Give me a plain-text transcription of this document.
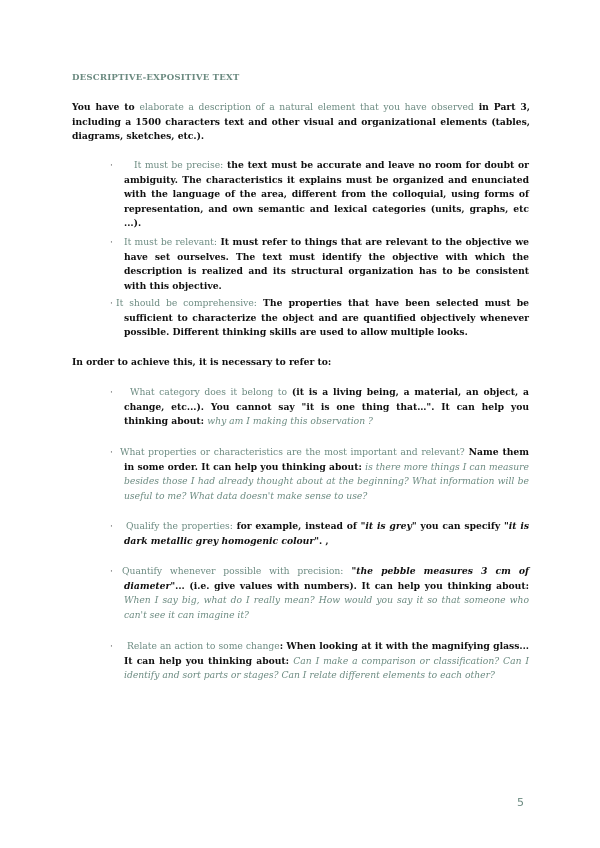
DESCRIPTIVE-EXPOSITIVE TEXT
You have to elaborate a description of a natural element that you have observed in Part 3, including a 1500 characters text and other visual and organizational elements (tables, diagrams, sketches, etc.).
·	It must be precise: the text must be accurate and leave no room for doubt or ambiguity. The characteristics it explains must be organized and enunciated with the language of the area, different from the colloquial, using forms of representation, and own semantic and lexical categories (units, graphs, etc ...).
· It must be relevant: It must refer to things that are relevant to the objective we have set ourselves. The text must identify the objective with which the description is realized and its structural organization has to be consistent with this objective.
· It should be comprehensive: The properties that have been selected must be sufficient to characterize the object and are quantified objectively whenever possible. Different thinking skills are used to allow multiple looks.
In order to achieve this, it is necessary to refer to:
·	What category does it belong to (it is a living being, a material, an object, a change, etc...). You cannot say "it is one thing that…". It can help you thinking about: why am I making this observation ?
· What properties or characteristics are the most important and relevant? Name them in some order. It can help you thinking about: is there more things I can measure besides those I had already thought about at the beginning? What information will be useful to me? What data doesn't make sense to use?
· Qualify the properties: for example, instead of "it is grey" you can specify "it is dark metallic grey homogenic colour". ,
· Quantify whenever possible with precision: "the pebble measures 3 cm of diameter"... (i.e. give values with numbers). It can help you thinking about: When I say big, what do I really mean? How would you say it so that someone who can't see it can imagine it?
·	Relate an action to some change: When looking at it with the magnifying glass... It can help you thinking about: Can I make a comparison or classification? Can I identify and sort parts or stages? Can I relate different elements to each other?
5
